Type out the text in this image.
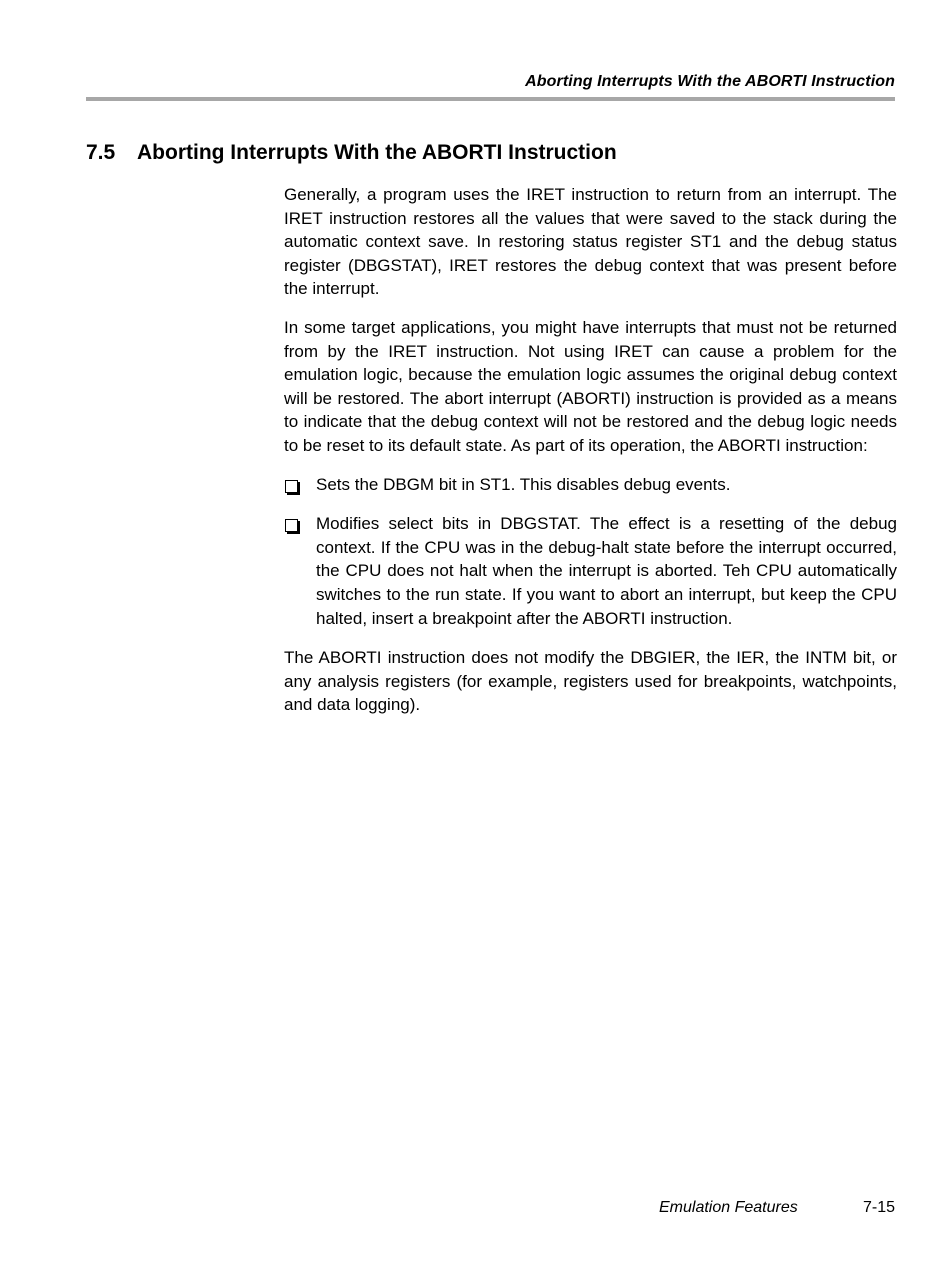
Aborting Interrupts With the ABORTI Instruction
7.5 Aborting Interrupts With the ABORTI Instruction

Generally, a program uses the IRET instruction to return from an interrupt. The IRET instruction restores all the values that were saved to the stack during the automatic context save. In restoring status register ST1 and the debug status register (DBGSTAT), IRET restores the debug context that was present before the interrupt.

In some target applications, you might have interrupts that must not be returned from by the IRET instruction. Not using IRET can cause a problem for the emulation logic, because the emulation logic assumes the original debug context will be restored. The abort interrupt (ABORTI) instruction is provided as a means to indicate that the debug context will not be restored and the debug logic needs to be reset to its default state. As part of its operation, the ABORTI instruction:

Sets the DBGM bit in ST1. This disables debug events.
Modifies select bits in DBGSTAT. The effect is a resetting of the debug context. If the CPU was in the debug-halt state before the interrupt occurred, the CPU does not halt when the interrupt is aborted. Teh CPU automatically switches to the run state. If you want to abort an interrupt, but keep the CPU halted, insert a breakpoint after the ABORTI instruction.

The ABORTI instruction does not modify the DBGIER, the IER, the INTM bit, or any analysis registers (for example, registers used for breakpoints, watchpoints, and data logging).

Emulation Features	7-15
